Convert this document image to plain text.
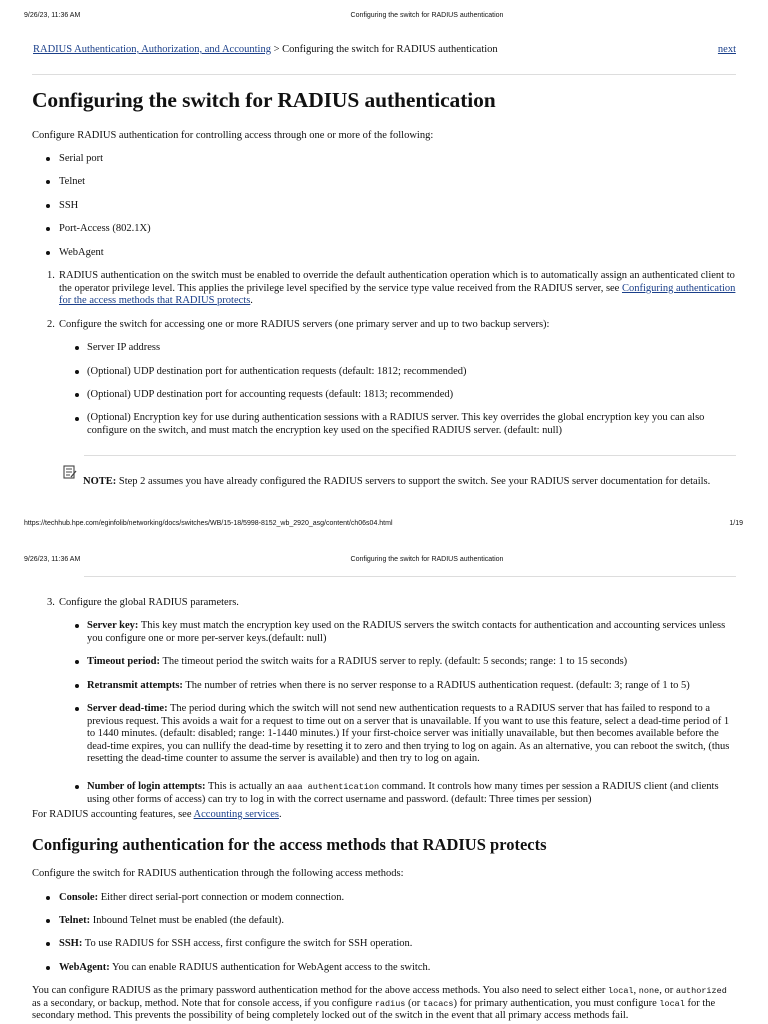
9/26/23, 11:36 AM	Configuring the switch for RADIUS authentication
RADIUS Authentication, Authorization, and Accounting > Configuring the switch for RADIUS authentication	next
Configuring the switch for RADIUS authentication
Configure RADIUS authentication for controlling access through one or more of the following:
Serial port
Telnet
SSH
Port-Access (802.1X)
WebAgent
1. RADIUS authentication on the switch must be enabled to override the default authentication operation which is to automatically assign an authenticated client to the operator privilege level. This applies the privilege level specified by the service type value received from the RADIUS server, see Configuring authentication for the access methods that RADIUS protects.
2. Configure the switch for accessing one or more RADIUS servers (one primary server and up to two backup servers):
Server IP address
(Optional) UDP destination port for authentication requests (default: 1812; recommended)
(Optional) UDP destination port for accounting requests (default: 1813; recommended)
(Optional) Encryption key for use during authentication sessions with a RADIUS server. This key overrides the global encryption key you can also configure on the switch, and must match the encryption key used on the specified RADIUS server. (default: null)
NOTE: Step 2 assumes you have already configured the RADIUS servers to support the switch. See your RADIUS server documentation for details.
https://techhub.hpe.com/eginfolib/networking/docs/switches/WB/15-18/5998-8152_wb_2920_asg/content/ch06s04.html	1/19
9/26/23, 11:36 AM	Configuring the switch for RADIUS authentication
3. Configure the global RADIUS parameters.
Server key: This key must match the encryption key used on the RADIUS servers the switch contacts for authentication and accounting services unless you configure one or more per-server keys.(default: null)
Timeout period: The timeout period the switch waits for a RADIUS server to reply. (default: 5 seconds; range: 1 to 15 seconds)
Retransmit attempts: The number of retries when there is no server response to a RADIUS authentication request. (default: 3; range of 1 to 5)
Server dead-time: The period during which the switch will not send new authentication requests to a RADIUS server that has failed to respond to a previous request. This avoids a wait for a request to time out on a server that is unavailable. If you want to use this feature, select a dead-time period of 1 to 1440 minutes. (default: disabled; range: 1-1440 minutes.) If your first-choice server was initially unavailable, but then becomes available before the dead-time expires, you can nullify the dead-time by resetting it to zero and then trying to log on again. As an alternative, you can reboot the switch, (thus resetting the dead-time counter to assume the server is available) and then try to log on again.
Number of login attempts: This is actually an aaa authentication command. It controls how many times per session a RADIUS client (and clients using other forms of access) can try to log in with the correct username and password. (default: Three times per session)
For RADIUS accounting features, see Accounting services.
Configuring authentication for the access methods that RADIUS protects
Configure the switch for RADIUS authentication through the following access methods:
Console: Either direct serial-port connection or modem connection.
Telnet: Inbound Telnet must be enabled (the default).
SSH: To use RADIUS for SSH access, first configure the switch for SSH operation.
WebAgent: You can enable RADIUS authentication for WebAgent access to the switch.
You can configure RADIUS as the primary password authentication method for the above access methods. You also need to select either local, none, or authorized as a secondary, or backup, method. Note that for console access, if you configure radius (or tacacs) for primary authentication, you must configure local for the secondary method. This prevents the possibility of being completely locked out of the switch in the event that all primary access methods fail.
